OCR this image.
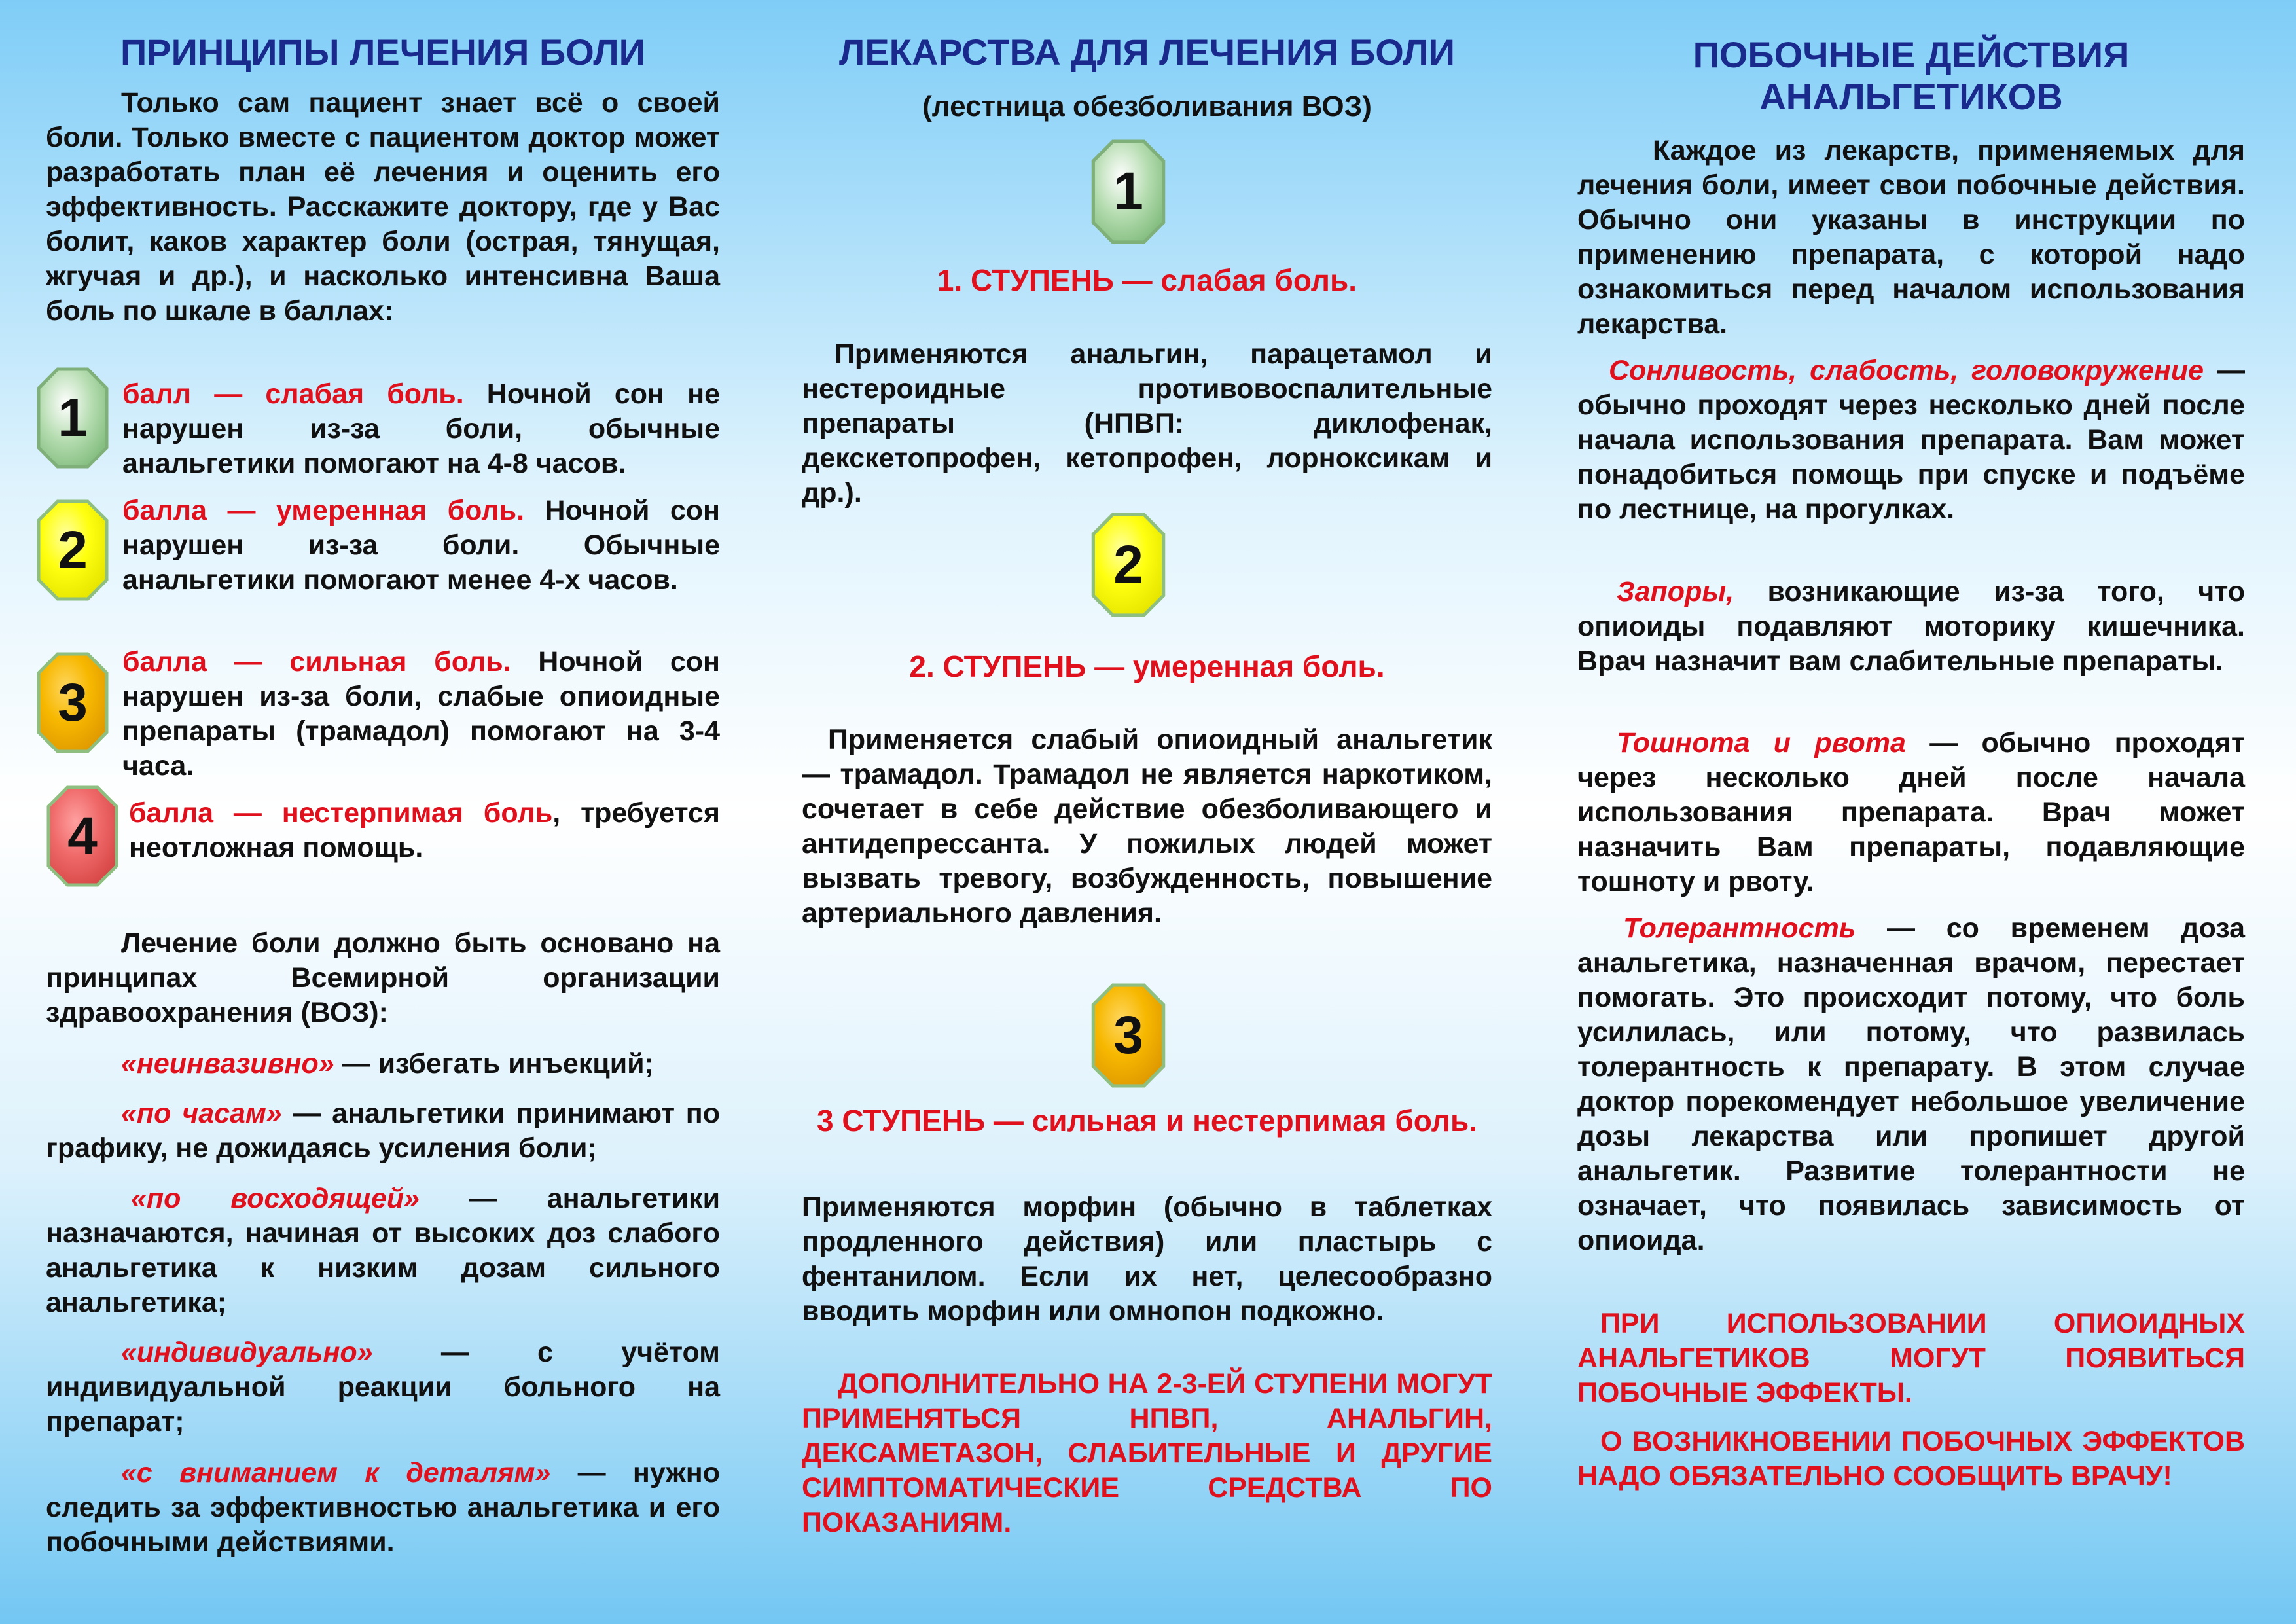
ПРИНЦИПЫ ЛЕЧЕНИЯ БОЛИ
Только сам пациент знает всё о своей боли. Только вместе с пациентом доктор может разработать план её лечения и оценить его эффективность. Расскажите доктору, где у Вас болит, каков характер боли (острая, тянущая, жгучая и др.), и насколько интенсивна Ваша боль по шкале в баллах:
1	балл — слабая боль. Ночной сон не нарушен из-за боли, обычные анальгетики помогают на 4-8 часов.
2
балла — умеренная боль. Ночной сон нарушен из-за боли. Обычные анальгетики помогают менее 4-х часов.
3
балла — сильная боль. Ночной сон нарушен из-за боли, слабые опиоидные препараты (трамадол) помогают на 3-4 часа.
4	балла — нестерпимая боль, требуется неотложная помощь.
Лечение боли должно быть основано на принципах Всемирной организации здравоохранения (ВОЗ):
«неинвазивно» — избегать инъекций;
«по часам» — анальгетики принимают по графику, не дожидаясь усиления боли;
«по восходящей» — анальгетики назначаются, начиная от высоких доз слабого анальгетика к низким дозам сильного анальгетика;
«индивидуально» — с учётом индивидуальной реакции больного на препарат;
«с вниманием к деталям» — нужно следить за эффективностью анальгетика и его побочными действиями.
ЛЕКАРСТВА ДЛЯ ЛЕЧЕНИЯ БОЛИ
(лестница обезболивания ВОЗ)
1
1. СТУПЕНЬ — слабая боль.
Применяются анальгин, парацетамол и нестероидные противовоспалительные препараты (НПВП: диклофенак, декскетопрофен, кетопрофен, лорноксикам и др.).
2
2. СТУПЕНЬ — умеренная боль.
Применяется слабый опиоидный анальгетик — трамадол. Трамадол не является наркотиком, сочетает в себе действие обезболивающего и антидепрессанта. У пожилых людей может вызвать тревогу, возбужденность, повышение артериального давления.
3
3 СТУПЕНЬ — сильная и нестерпимая боль.
Применяются морфин (обычно в таблетках продленного действия) или пластырь с фентанилом. Если их нет, целесообразно вводить морфин или омнопон подкожно.
ДОПОЛНИТЕЛЬНО НА 2-3-ЕЙ СТУПЕНИ МОГУТ ПРИМЕНЯТЬСЯ НПВП, АНАЛЬГИН, ДЕКСАМЕТАЗОН, СЛАБИТЕЛЬНЫЕ И ДРУГИЕ СИМПТОМАТИЧЕСКИЕ СРЕДСТВА ПО ПОКАЗАНИЯМ.
ПОБОЧНЫЕ ДЕЙСТВИЯ АНАЛЬГЕТИКОВ
Каждое из лекарств, применяемых для лечения боли, имеет свои побочные действия. Обычно они указаны в инструкции по применению препарата, с которой надо ознакомиться перед началом использования лекарства.
Сонливость, слабость, головокружение — обычно проходят через несколько дней после начала использования препарата. Вам может понадобиться помощь при спуске и подъёме по лестнице, на прогулках.
Запоры, возникающие из-за того, что опиоиды подавляют моторику кишечника. Врач назначит вам слабительные препараты.
Тошнота и рвота — обычно проходят через несколько дней после начала использования препарата. Врач может назначить Вам препараты, подавляющие тошноту и рвоту.
Толерантность — со временем доза анальгетика, назначенная врачом, перестает помогать. Это происходит потому, что боль усилилась, или потому, что развилась толерантность к препарату. В этом случае доктор порекомендует небольшое увеличение дозы лекарства или пропишет другой анальгетик. Развитие толерантности не означает, что появилась зависимость от опиоида.
ПРИ ИСПОЛЬЗОВАНИИ ОПИОИДНЫХ АНАЛЬГЕТИКОВ МОГУТ ПОЯВИТЬСЯ ПОБОЧНЫЕ ЭФФЕКТЫ.
О ВОЗНИКНОВЕНИИ ПОБОЧНЫХ ЭФФЕКТОВ НАДО ОБЯЗАТЕЛЬНО СООБЩИТЬ ВРАЧУ!
